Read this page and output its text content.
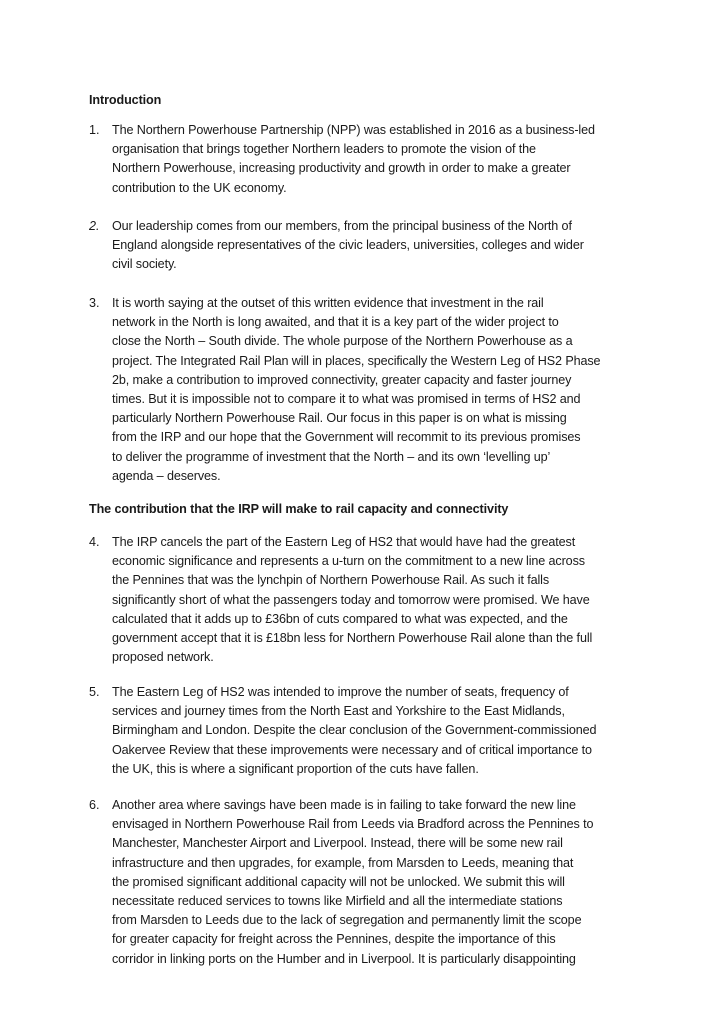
Introduction
1. The Northern Powerhouse Partnership (NPP) was established in 2016 as a business-led
organisation that brings together Northern leaders to promote the vision of the
Northern Powerhouse, increasing productivity and growth in order to make a greater
contribution to the UK economy.
2. Our leadership comes from our members, from the principal business of the North of
England alongside representatives of the civic leaders, universities, colleges and wider
civil society.
3. It is worth saying at the outset of this written evidence that investment in the rail
network in the North is long awaited, and that it is a key part of the wider project to
close the North – South divide. The whole purpose of the Northern Powerhouse as a
project. The Integrated Rail Plan will in places, specifically the Western Leg of HS2 Phase
2b, make a contribution to improved connectivity, greater capacity and faster journey
times. But it is impossible not to compare it to what was promised in terms of HS2 and
particularly Northern Powerhouse Rail. Our focus in this paper is on what is missing
from the IRP and our hope that the Government will recommit to its previous promises
to deliver the programme of investment that the North – and its own ‘levelling up’
agenda – deserves.
The contribution that the IRP will make to rail capacity and connectivity
4. The IRP cancels the part of the Eastern Leg of HS2 that would have had the greatest
economic significance and represents a u-turn on the commitment to a new line across
the Pennines that was the lynchpin of Northern Powerhouse Rail. As such it falls
significantly short of what the passengers today and tomorrow were promised. We have
calculated that it adds up to £36bn of cuts compared to what was expected, and the
government accept that it is £18bn less for Northern Powerhouse Rail alone than the full
proposed network.
5. The Eastern Leg of HS2 was intended to improve the number of seats, frequency of
services and journey times from the North East and Yorkshire to the East Midlands,
Birmingham and London. Despite the clear conclusion of the Government-commissioned
Oakervee Review that these improvements were necessary and of critical importance to
the UK, this is where a significant proportion of the cuts have fallen.
6. Another area where savings have been made is in failing to take forward the new line
envisaged in Northern Powerhouse Rail from Leeds via Bradford across the Pennines to
Manchester, Manchester Airport and Liverpool. Instead, there will be some new rail
infrastructure and then upgrades, for example, from Marsden to Leeds, meaning that
the promised significant additional capacity will not be unlocked. We submit this will
necessitate reduced services to towns like Mirfield and all the intermediate stations
from Marsden to Leeds due to the lack of segregation and permanently limit the scope
for greater capacity for freight across the Pennines, despite the importance of this
corridor in linking ports on the Humber and in Liverpool. It is particularly disappointing
